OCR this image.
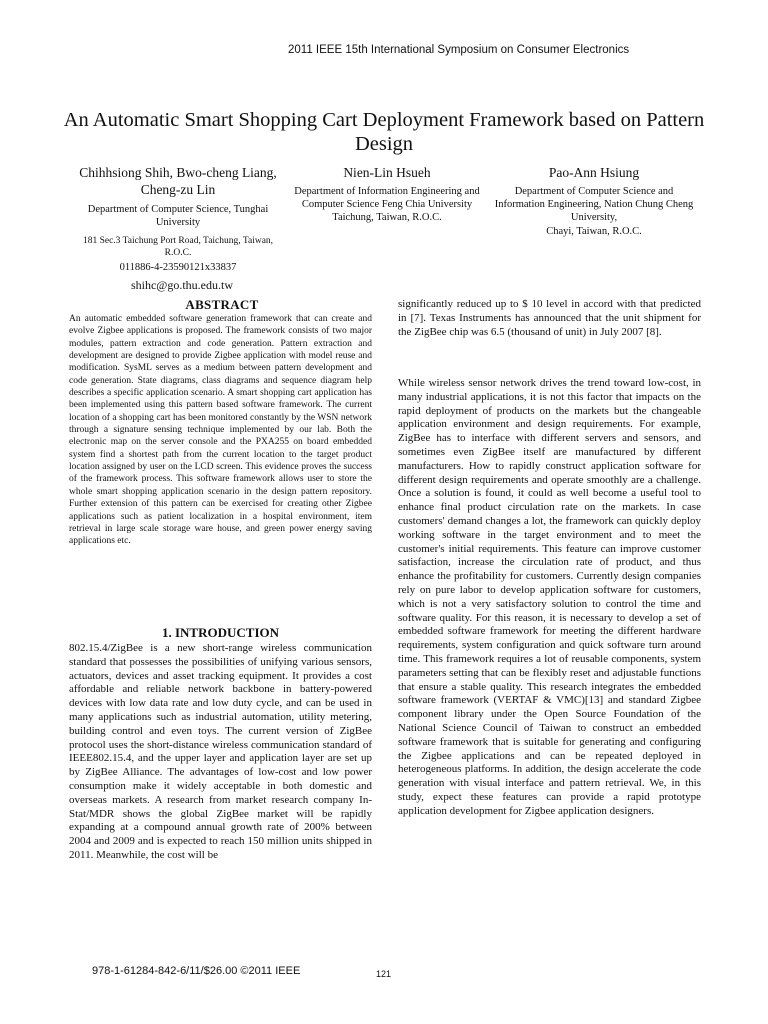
2011 IEEE 15th International Symposium on Consumer Electronics
An Automatic Smart Shopping Cart Deployment Framework based on Pattern Design
Chihhsiong Shih, Bwo-cheng Liang, Cheng-zu Lin
Department of Computer Science, Tunghai University
181 Sec.3 Taichung Port Road, Taichung, Taiwan, R.O.C.
011886-4-23590121x33837
Nien-Lin Hsueh
Department of Information Engineering and Computer Science Feng Chia University
Taichung, Taiwan, R.O.C.
Pao-Ann Hsiung
Department of Computer Science and Information Engineering, Nation Chung Cheng University,
Chayi, Taiwan, R.O.C.
shihc@go.thu.edu.tw
ABSTRACT

An automatic embedded software generation framework that can create and evolve Zigbee applications is proposed. The framework consists of two major modules, pattern extraction and code generation. Pattern extraction and development are designed to provide Zigbee application with model reuse and modification. SysML serves as a medium between pattern development and code generation. State diagrams, class diagrams and sequence diagram help describes a specific application scenario. A smart shopping cart application has been implemented using this pattern based software framework. The current location of a shopping cart has been monitored constantly by the WSN network through a signature sensing technique implemented by our lab. Both the electronic map on the server console and the PXA255 on board embedded system find a shortest path from the current location to the target product location assigned by user on the LCD screen. This evidence proves the success of the framework process. This software framework allows user to store the whole smart shopping application scenario in the design pattern repository. Further extension of this pattern can be exercised for creating other Zigbee applications such as patient localization in a hospital environment, item retrieval in large scale storage ware house, and green power energy saving applications etc.

1. INTRODUCTION

802.15.4/ZigBee is a new short-range wireless communication standard that possesses the possibilities of unifying various sensors, actuators, devices and asset tracking equipment. It provides a cost affordable and reliable network backbone in battery-powered devices with low data rate and low duty cycle, and can be used in many applications such as industrial automation, utility metering, building control and even toys. The current version of ZigBee protocol uses the short-distance wireless communication standard of IEEE802.15.4, and the upper layer and application layer are set up by ZigBee Alliance. The advantages of low-cost and low power consumption make it widely acceptable in both domestic and overseas markets. A research from market research company In-Stat/MDR shows the global ZigBee market will be rapidly expanding at a compound annual growth rate of 200% between 2004 and 2009 and is expected to reach 150 million units shipped in 2011. Meanwhile, the cost will be

significantly reduced up to $ 10 level in accord with that predicted in [7]. Texas Instruments has announced that the unit shipment for the ZigBee chip was 6.5 (thousand of unit) in July 2007 [8].

While wireless sensor network drives the trend toward low-cost, in many industrial applications, it is not this factor that impacts on the rapid deployment of products on the markets but the changeable application environment and design requirements. For example, ZigBee has to interface with different servers and sensors, and sometimes even ZigBee itself are manufactured by different manufacturers. How to rapidly construct application software for different design requirements and operate smoothly are a challenge. Once a solution is found, it could as well become a useful tool to enhance final product circulation rate on the markets. In case customers' demand changes a lot, the framework can quickly deploy working software in the target environment and to meet the customer's initial requirements. This feature can improve customer satisfaction, increase the circulation rate of product, and thus enhance the profitability for customers. Currently design companies rely on pure labor to develop application software for customers, which is not a very satisfactory solution to control the time and software quality. For this reason, it is necessary to develop a set of embedded software framework for meeting the different hardware requirements, system configuration and quick software turn around time. This framework requires a lot of reusable components, system parameters setting that can be flexibly reset and adjustable functions that ensure a stable quality. This research integrates the embedded software framework (VERTAF & VMC)[13] and standard Zigbee component library under the Open Source Foundation of the National Science Council of Taiwan to construct an embedded software framework that is suitable for generating and configuring the Zigbee applications and can be repeated deployed in heterogeneous platforms. In addition, the design accelerate the code generation with visual interface and pattern retrieval. We, in this study, expect these features can provide a rapid prototype application development for Zigbee application designers.

978-1-61284-842-6/11/$26.00 ©2011 IEEE	121
